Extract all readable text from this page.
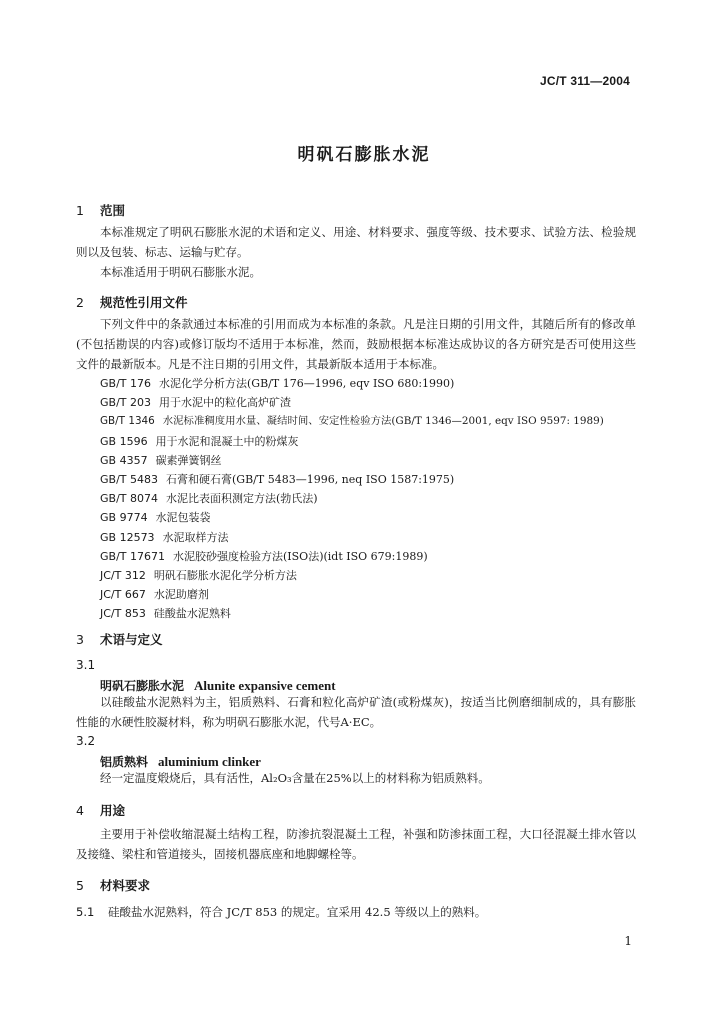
JC/T 311—2004
明矾石膨胀水泥
1 范围
本标准规定了明矾石膨胀水泥的术语和定义、用途、材料要求、强度等级、技术要求、试验方法、检验规则以及包装、标志、运输与贮存。
本标准适用于明矾石膨胀水泥。
2 规范性引用文件
下列文件中的条款通过本标准的引用而成为本标准的条款。凡是注日期的引用文件，其随后所有的修改单(不包括勘误的内容)或修订版均不适用于本标准，然而，鼓励根据本标准达成协议的各方研究是否可使用这些文件的最新版本。凡是不注日期的引用文件，其最新版本适用于本标准。
GB/T 176 水泥化学分析方法(GB/T 176—1996, eqv ISO 680:1990)
GB/T 203 用于水泥中的粒化高炉矿渣
GB/T 1346 水泥标准稠度用水量、凝结时间、安定性检验方法(GB/T 1346—2001, eqv ISO 9597: 1989)
GB 1596 用于水泥和混凝土中的粉煤灰
GB 4357 碳素弹簧钢丝
GB/T 5483 石膏和硬石膏(GB/T 5483—1996, neq ISO 1587:1975)
GB/T 8074 水泥比表面积测定方法(勃氏法)
GB 9774 水泥包装袋
GB 12573 水泥取样方法
GB/T 17671 水泥胶砂强度检验方法(ISO法)(idt ISO 679:1989)
JC/T 312 明矾石膨胀水泥化学分析方法
JC/T 667 水泥助磨剂
JC/T 853 硅酸盐水泥熟料
3 术语与定义
3.1
明矾石膨胀水泥 Alunite expansive cement
以硅酸盐水泥熟料为主，铝质熟料、石膏和粒化高炉矿渣(或粉煤灰)，按适当比例磨细制成的，具有膨胀性能的水硬性胶凝材料，称为明矾石膨胀水泥，代号A·EC。
3.2
铝质熟料 aluminium clinker
经一定温度煅烧后，具有活性，Al₂O₃含量在25%以上的材料称为铝质熟料。
4 用途
主要用于补偿收缩混凝土结构工程，防渗抗裂混凝土工程，补强和防渗抹面工程，大口径混凝土排水管以及接缝、梁柱和管道接头，固接机器底座和地脚螺栓等。
5 材料要求
5.1 硅酸盐水泥熟料，符合 JC/T 853 的规定。宜采用 42.5 等级以上的熟料。
1
